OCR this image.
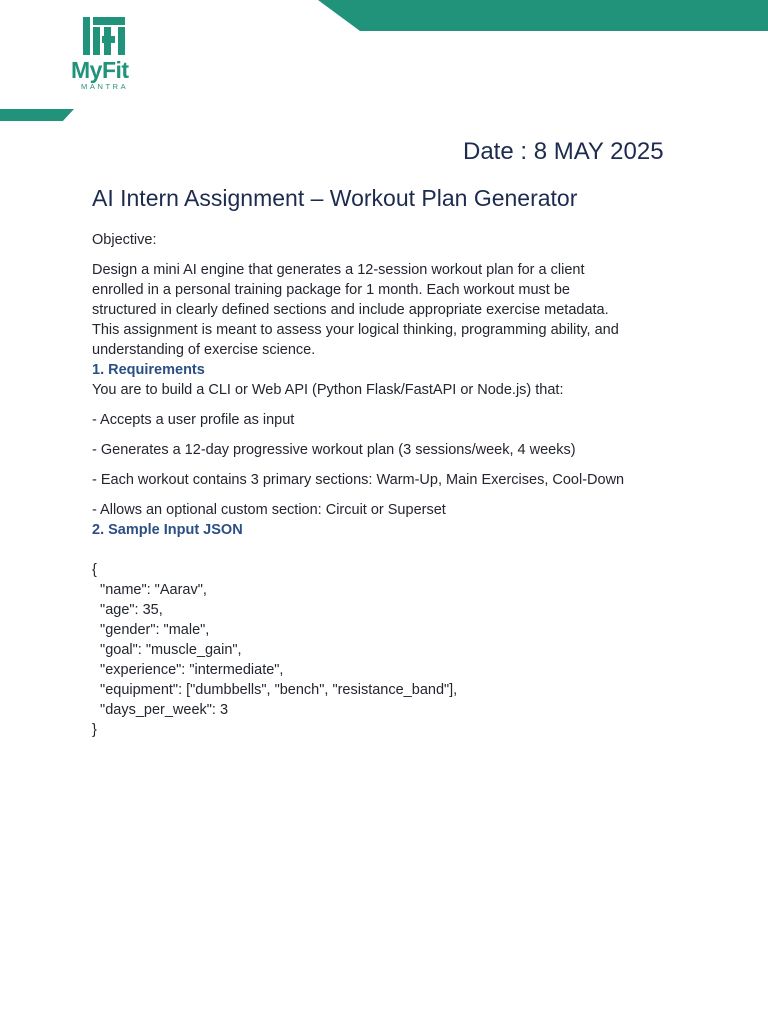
MyFit
MANTRA
Date : 8 MAY 2025
AI Intern Assignment – Workout Plan Generator

Objective:

Design a mini AI engine that generates a 12-session workout plan for a client
enrolled in a personal training package for 1 month. Each workout must be
structured in clearly defined sections and include appropriate exercise metadata.
This assignment is meant to assess your logical thinking, programming ability, and
understanding of exercise science.

1. Requirements

You are to build a CLI or Web API (Python Flask/FastAPI or Node.js) that:

- Accepts a user profile as input

- Generates a 12-day progressive workout plan (3 sessions/week, 4 weeks)

- Each workout contains 3 primary sections: Warm-Up, Main Exercises, Cool-Down

- Allows an optional custom section: Circuit or Superset

2. Sample Input JSON

{
"name": "Aarav",
"age": 35,
"gender": "male",
"goal": "muscle_gain",
"experience": "intermediate",
"equipment": ["dumbbells", "bench", "resistance_band"],
"days_per_week": 3
}
